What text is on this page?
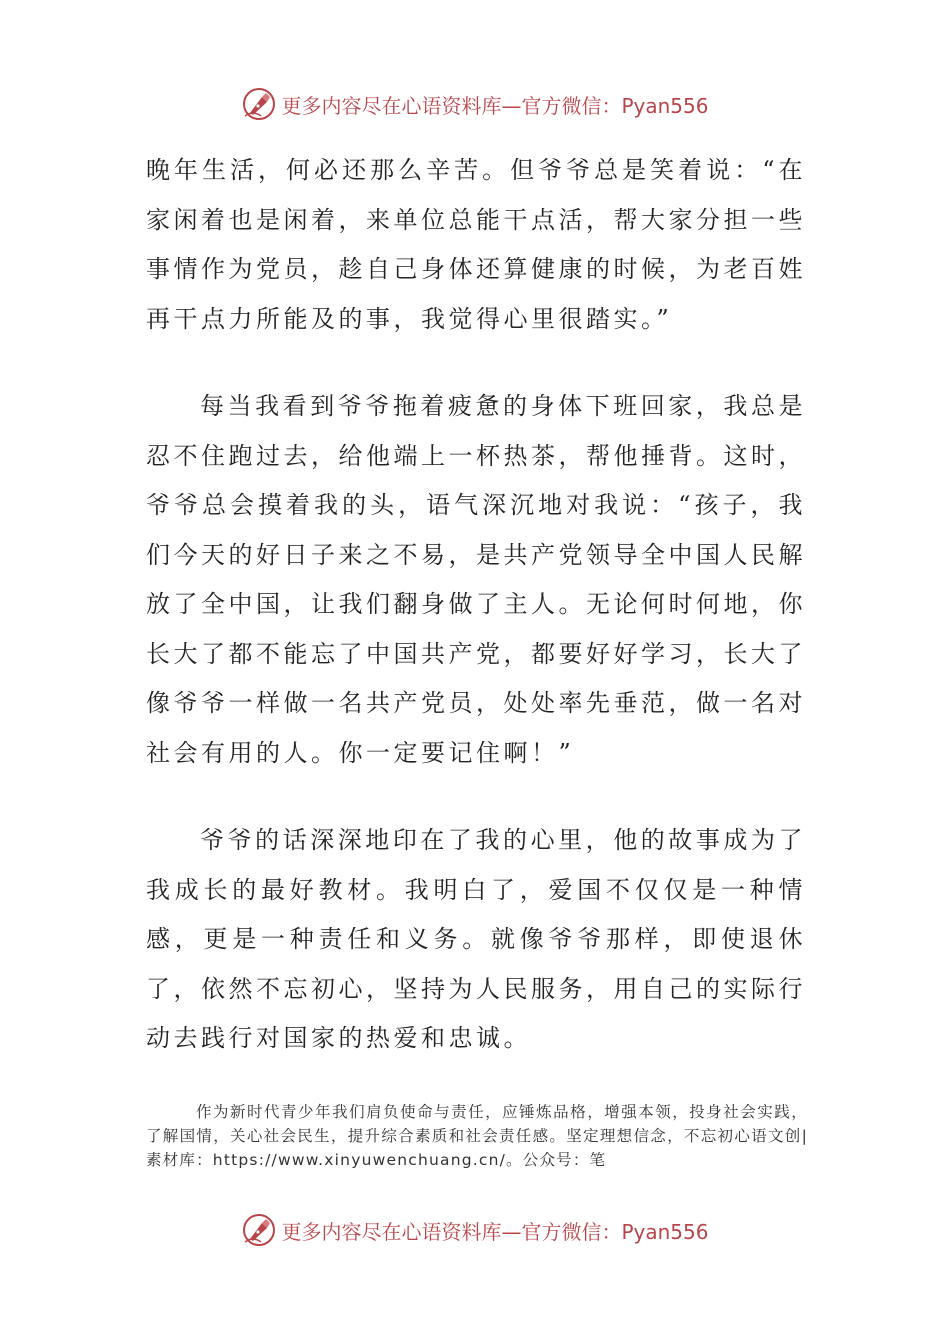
更多内容尽在心语资料库—官方微信：Pyan556

晚年生活，何必还那么辛苦。但爷爷总是笑着说：“在家闲着也是闲着，来单位总能干点活，帮大家分担一些事情作为党员，趁自己身体还算健康的时候，为老百姓再干点力所能及的事，我觉得心里很踏实。”

每当我看到爷爷拖着疲惫的身体下班回家，我总是忍不住跑过去，给他端上一杯热茶，帮他捶背。这时，爷爷总会摸着我的头，语气深沉地对我说：“孩子，我们今天的好日子来之不易，是共产党领导全中国人民解放了全中国，让我们翻身做了主人。无论何时何地，你长大了都不能忘了中国共产党，都要好好学习，长大了像爷爷一样做一名共产党员，处处率先垂范，做一名对社会有用的人。你一定要记住啊！”

爷爷的话深深地印在了我的心里，他的故事成为了我成长的最好教材。我明白了，爱国不仅仅是一种情感，更是一种责任和义务。就像爷爷那样，即使退休了，依然不忘初心，坚持为人民服务，用自己的实际行动去践行对国家的热爱和忠诚。

作为新时代青少年我们肩负使命与责任，应锤炼品格，增强本领，投身社会实践，了解国情，关心社会民生，提升综合素质和社会责任感。坚定理想信念，不忘初心语文创|素材库：https://www.xinyuwenchuang.cn/。公众号：笔

更多内容尽在心语资料库—官方微信：Pyan556
